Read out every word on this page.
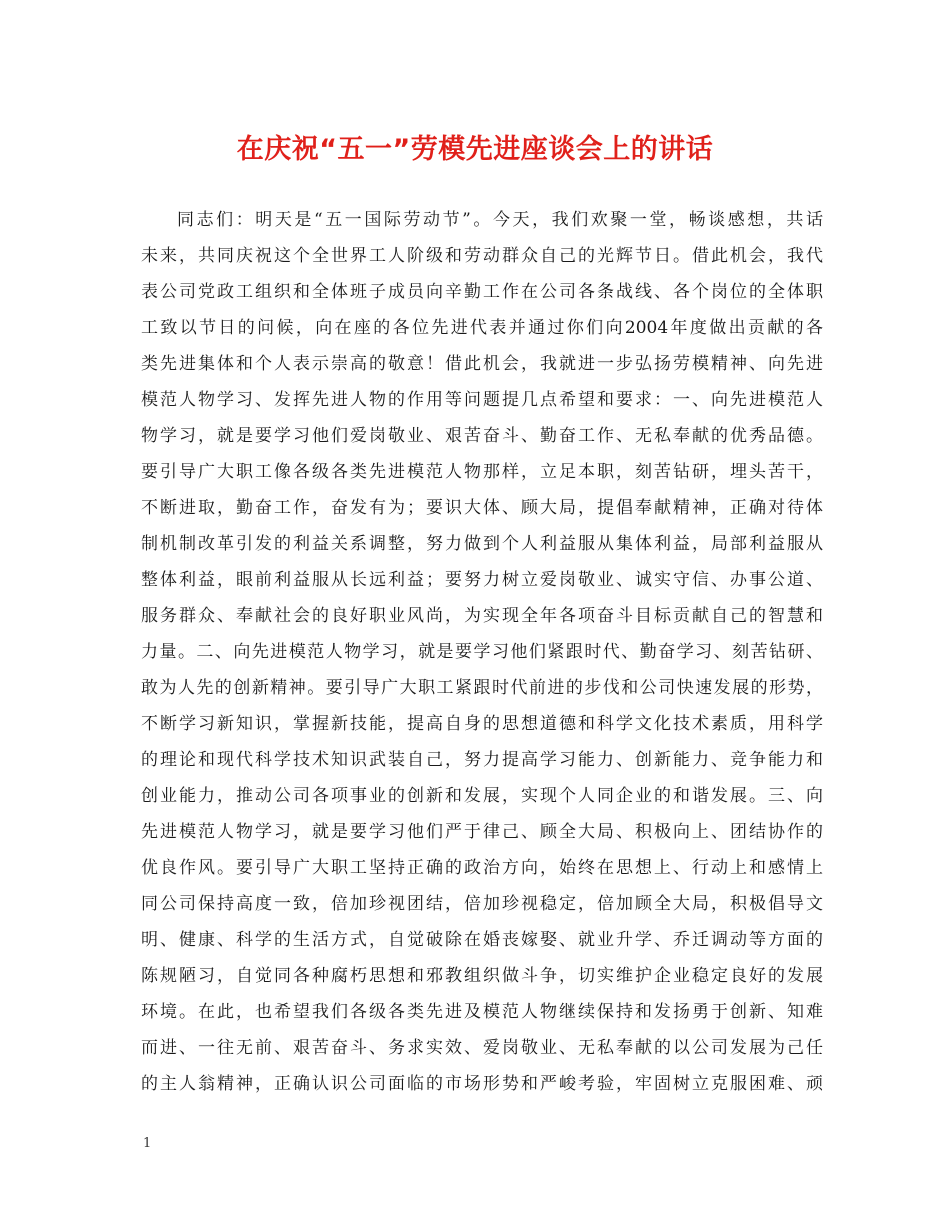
在庆祝“五一”劳模先进座谈会上的讲话
同志们：明天是“五一国际劳动节”。今天，我们欢聚一堂，畅谈感想，共话
未来，共同庆祝这个全世界工人阶级和劳动群众自己的光辉节日。借此机会，我代
表公司党政工组织和全体班子成员向辛勤工作在公司各条战线、各个岗位的全体职
工致以节日的问候，向在座的各位先进代表并通过你们向2004年度做出贡献的各
类先进集体和个人表示崇高的敬意！借此机会，我就进一步弘扬劳模精神、向先进
模范人物学习、发挥先进人物的作用等问题提几点希望和要求：一、向先进模范人
物学习，就是要学习他们爱岗敬业、艰苦奋斗、勤奋工作、无私奉献的优秀品德。
要引导广大职工像各级各类先进模范人物那样，立足本职，刻苦钻研，埋头苦干，
不断进取，勤奋工作，奋发有为；要识大体、顾大局，提倡奉献精神，正确对待体
制机制改革引发的利益关系调整，努力做到个人利益服从集体利益，局部利益服从
整体利益，眼前利益服从长远利益；要努力树立爱岗敬业、诚实守信、办事公道、
服务群众、奉献社会的良好职业风尚，为实现全年各项奋斗目标贡献自己的智慧和
力量。二、向先进模范人物学习，就是要学习他们紧跟时代、勤奋学习、刻苦钻研、
敢为人先的创新精神。要引导广大职工紧跟时代前进的步伐和公司快速发展的形势，
不断学习新知识，掌握新技能，提高自身的思想道德和科学文化技术素质，用科学
的理论和现代科学技术知识武装自己，努力提高学习能力、创新能力、竞争能力和
创业能力，推动公司各项事业的创新和发展，实现个人同企业的和谐发展。三、向
先进模范人物学习，就是要学习他们严于律己、顾全大局、积极向上、团结协作的
优良作风。要引导广大职工坚持正确的政治方向，始终在思想上、行动上和感情上
同公司保持高度一致，倍加珍视团结，倍加珍视稳定，倍加顾全大局，积极倡导文
明、健康、科学的生活方式，自觉破除在婚丧嫁娶、就业升学、乔迁调动等方面的
陈规陋习，自觉同各种腐朽思想和邪教组织做斗争，切实维护企业稳定良好的发展
环境。在此，也希望我们各级各类先进及模范人物继续保持和发扬勇于创新、知难
而进、一往无前、艰苦奋斗、务求实效、爱岗敬业、无私奉献的以公司发展为己任
的主人翁精神，正确认识公司面临的市场形势和严峻考验，牢固树立克服困难、顽
1
